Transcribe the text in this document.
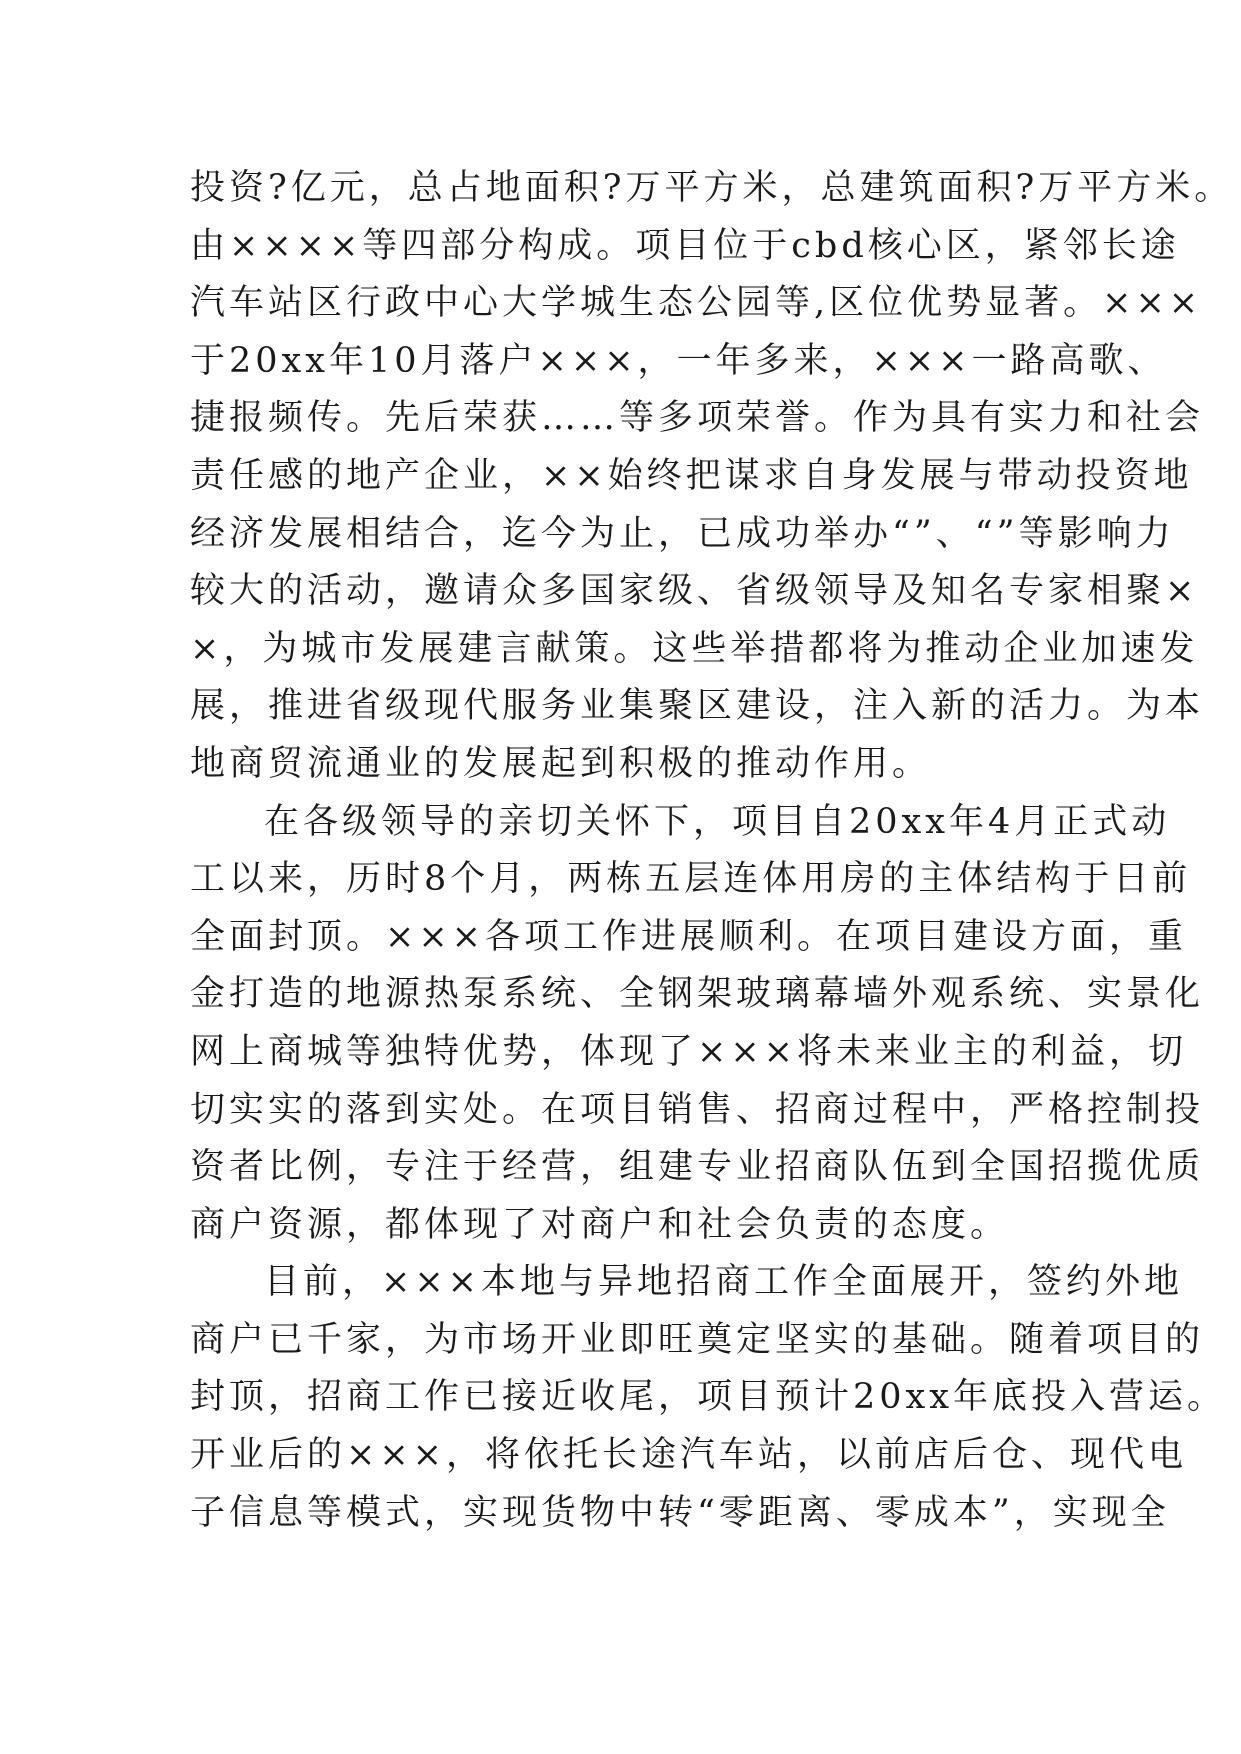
投资?亿元，总占地面积?万平方米，总建筑面积?万平方米。
由××××等四部分构成。项目位于cbd核心区，紧邻长途
汽车站区行政中心大学城生态公园等,区位优势显著。×××
于20xx年10月落户×××，一年多来，×××一路高歌、
捷报频传。先后荣获……等多项荣誉。作为具有实力和社会
责任感的地产企业，××始终把谋求自身发展与带动投资地
经济发展相结合，迄今为止，已成功举办“”、“”等影响力
较大的活动，邀请众多国家级、省级领导及知名专家相聚×
×，为城市发展建言献策。这些举措都将为推动企业加速发
展，推进省级现代服务业集聚区建设，注入新的活力。为本
地商贸流通业的发展起到积极的推动作用。
在各级领导的亲切关怀下，项目自20xx年4月正式动
工以来，历时8个月，两栋五层连体用房的主体结构于日前
全面封顶。×××各项工作进展顺利。在项目建设方面，重
金打造的地源热泵系统、全钢架玻璃幕墙外观系统、实景化
网上商城等独特优势，体现了×××将未来业主的利益，切
切实实的落到实处。在项目销售、招商过程中，严格控制投
资者比例，专注于经营，组建专业招商队伍到全国招揽优质
商户资源，都体现了对商户和社会负责的态度。
目前，×××本地与异地招商工作全面展开，签约外地
商户已千家，为市场开业即旺奠定坚实的基础。随着项目的
封顶，招商工作已接近收尾，项目预计20xx年底投入营运。
开业后的×××，将依托长途汽车站，以前店后仓、现代电
子信息等模式，实现货物中转“零距离、零成本”，实现全
